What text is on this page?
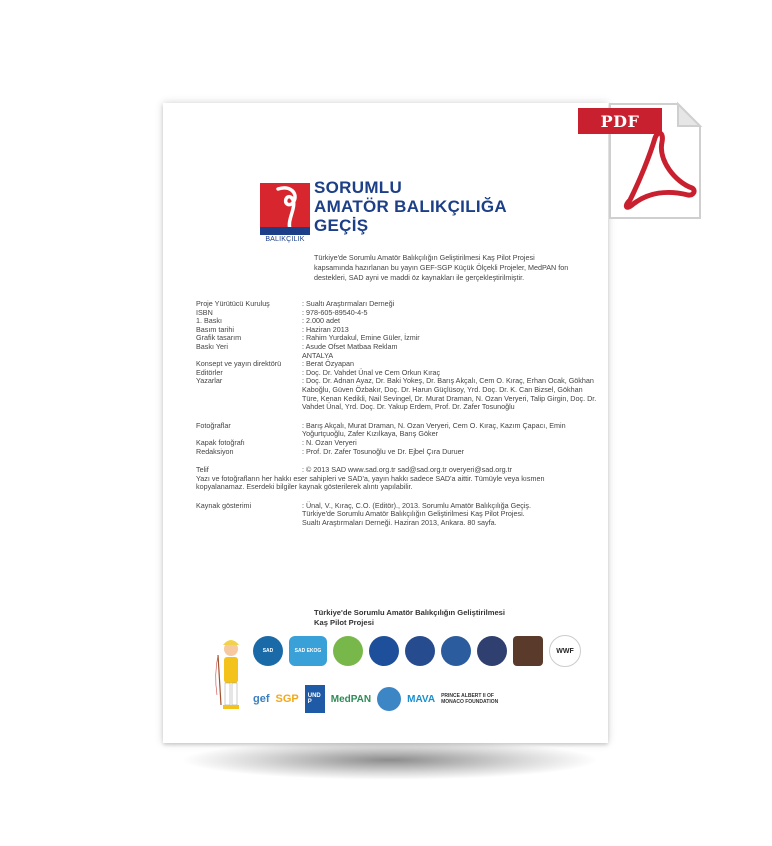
SORUMLU
BALIKÇILIK
SORUMLU
AMATÖR BALIKÇILIĞA
GEÇİŞ
Türkiye'de Sorumlu Amatör Balıkçılığın Geliştirilmesi Kaş Pilot Projesi kapsamında hazırlanan bu yayın GEF-SGP Küçük Ölçekli Projeler, MedPAN fon destekleri, SAD ayni ve maddi öz kaynakları ile gerçekleştirilmiştir.
Proje Yürütücü Kuruluş	: Sualtı Araştırmaları Derneği
ISBN	: 978-605-89540-4-5
1. Baskı	: 2.000 adet
Basım tarihi	: Haziran 2013
Grafik tasarım	: Rahim Yurdakul, Emine Güler, İzmir
Baskı Yeri	: Asude Ofset Matbaa Reklam ANTALYA
Konsept ve yayın direktörü	: Berat Özyapan
Editörler	: Doç. Dr. Vahdet Ünal ve Cem Orkun Kıraç
Yazarlar	: Doç. Dr. Adnan Ayaz, Dr. Baki Yokeş, Dr. Barış Akçalı, Cem O. Kıraç, Erhan Ocak, Gökhan Kaboğlu, Güven Özbakır, Doç. Dr. Harun Güçlüsoy, Yrd. Doç. Dr. K. Can Bizsel, Gökhan Türe, Kenan Kedikli, Nail Sevingel, Dr. Murat Draman, N. Ozan Veryeri, Talip Girgin, Doç. Dr. Vahdet Ünal, Yrd. Doç. Dr. Yakup Erdem, Prof. Dr. Zafer Tosunoğlu
Fotoğraflar	: Barış Akçalı, Murat Draman, N. Ozan Veryeri, Cem O. Kıraç, Kazım Çapacı, Emin Yoğurtçuoğlu, Zafer Kızılkaya, Barış Göker
Kapak fotoğrafı	: N. Ozan Veryeri
Redaksiyon	: Prof. Dr. Zafer Tosunoğlu ve Dr. Ejbel Çıra Duruer
Telif	: © 2013 SAD www.sad.org.tr sad@sad.org.tr overyeri@sad.org.tr
Yazı ve fotoğrafların her hakkı eser sahipleri ve SAD'a, yayın hakkı sadece SAD'a aittir. Tümüyle veya kısmen kopyalanamaz. Eserdeki bilgiler kaynak gösterilerek alıntı yapılabilir.
Kaynak gösterimi	: Ünal, V., Kıraç, C.O. (Editör)., 2013. Sorumlu Amatör Balıkçılığa Geçiş. Türkiye'de Sorumlu Amatör Balıkçılığın Geliştirilmesi Kaş Pilot Projesi. Sualtı Araştırmaları Derneği. Haziran 2013, Ankara. 80 sayfa.
Türkiye'de Sorumlu Amatör Balıkçılığın Geliştirilmesi
Kaş Pilot Projesi
SAD	SAD EKOG	WWF
gef SGP	UNDP	MedPAN	MAVA PRINCE ALBERT II OF MONACO FOUNDATION
PDF
